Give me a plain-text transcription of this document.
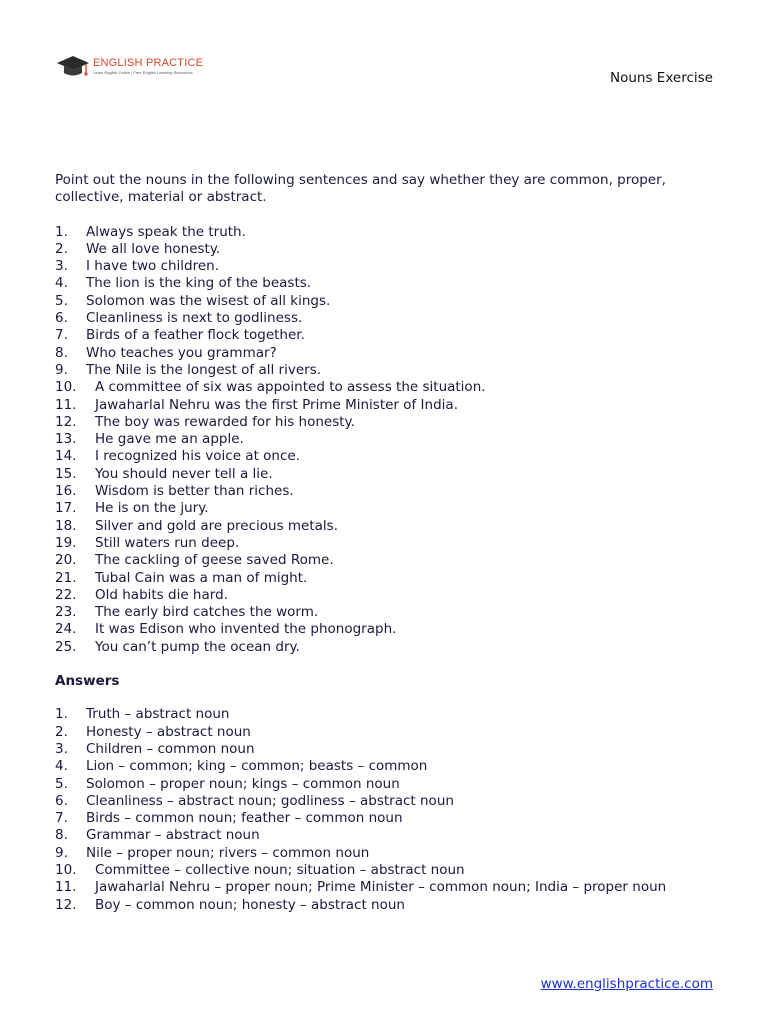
ENGLISH PRACTICE
Learn English Online | Free English Learning Resources	Nouns Exercise

Point out the nouns in the following sentences and say whether they are common, proper, collective, material or abstract.

1.	Always speak the truth.
2.	We all love honesty.
3.	I have two children.
4.	The lion is the king of the beasts.
5.	Solomon was the wisest of all kings.
6.	Cleanliness is next to godliness.
7.	Birds of a feather flock together.
8.	Who teaches you grammar?
9.	The Nile is the longest of all rivers.
10.	A committee of six was appointed to assess the situation.
11.	Jawaharlal Nehru was the first Prime Minister of India.
12.	The boy was rewarded for his honesty.
13.	He gave me an apple.
14.	I recognized his voice at once.
15.	You should never tell a lie.
16.	Wisdom is better than riches.
17.	He is on the jury.
18.	Silver and gold are precious metals.
19.	Still waters run deep.
20.	The cackling of geese saved Rome.
21.	Tubal Cain was a man of might.
22.	Old habits die hard.
23.	The early bird catches the worm.
24.	It was Edison who invented the phonograph.
25.	You can’t pump the ocean dry.
Answers
1.	Truth – abstract noun
2.	Honesty – abstract noun
3.	Children – common noun
4.	Lion – common; king – common; beasts – common
5.	Solomon – proper noun; kings – common noun
6.	Cleanliness – abstract noun; godliness – abstract noun
7.	Birds – common noun; feather – common noun
8.	Grammar – abstract noun
9.	Nile – proper noun; rivers – common noun
10.	Committee – collective noun; situation – abstract noun
11.	Jawaharlal Nehru – proper noun; Prime Minister – common noun; India – proper noun
12.	Boy – common noun; honesty – abstract noun
www.englishpractice.com
